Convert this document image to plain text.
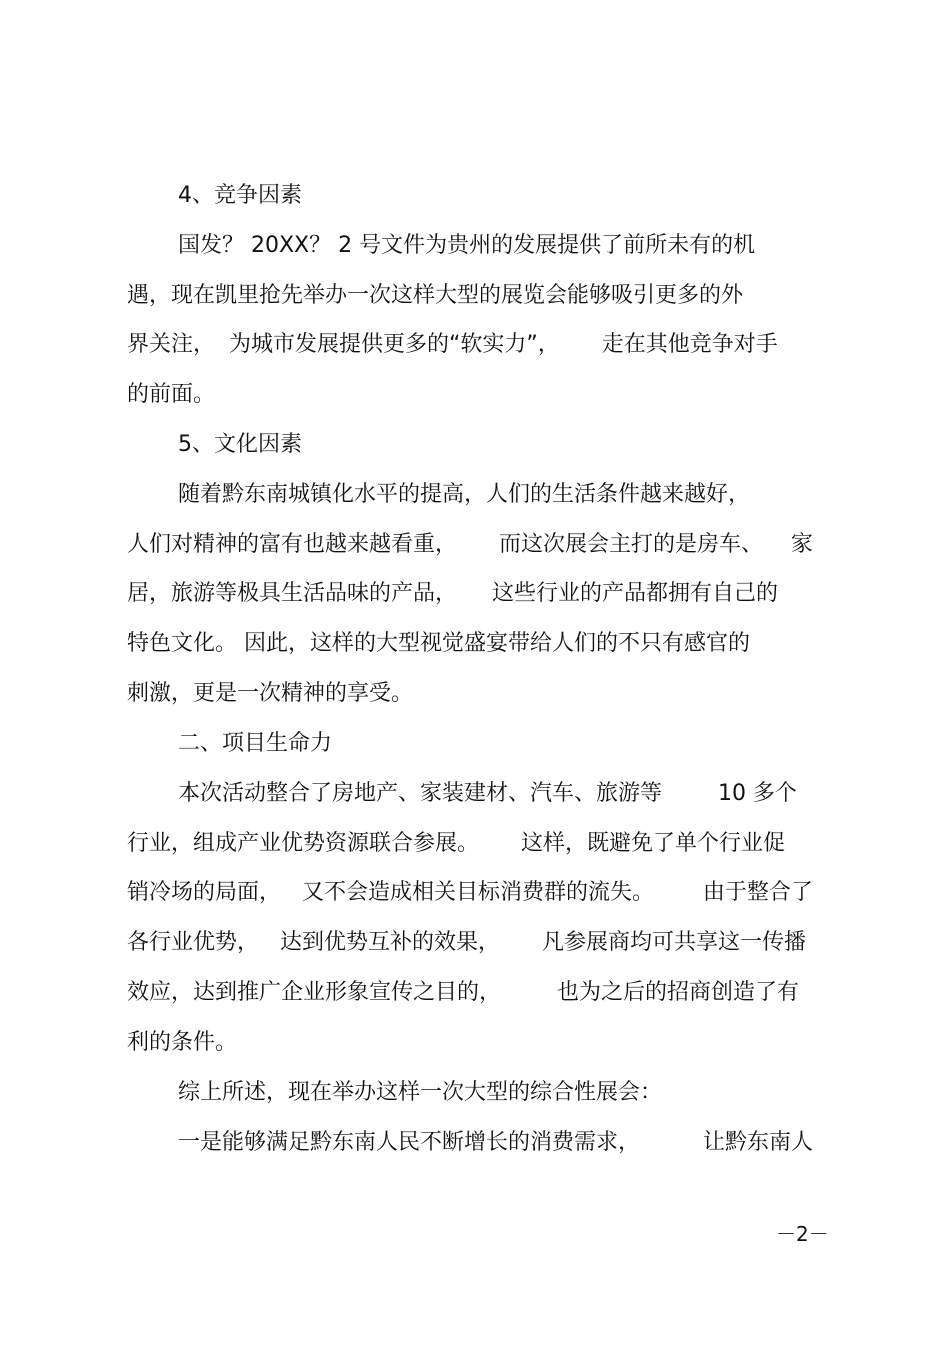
4、竞争因素
国发？ 20XX？ 2 号文件为贵州的发展提供了前所未有的机
遇，现在凯里抢先举办一次这样大型的展览会能够吸引更多的外
界关注，  为城市发展提供更多的“软实力”，      走在其他竞争对手
的前面。
5、文化因素
随着黔东南城镇化水平的提高，人们的生活条件越来越好，
人们对精神的富有也越来越看重，      而这次展会主打的是房车、    家
居，旅游等极具生活品味的产品，     这些行业的产品都拥有自己的
特色文化。 因此，这样的大型视觉盛宴带给人们的不只有感官的
刺激，更是一次精神的享受。
二、项目生命力
本次活动整合了房地产、家装建材、汽车、旅游等        10 多个
行业，组成产业优势资源联合参展。      这样，既避免了单个行业促
销冷场的局面，   又不会造成相关目标消费群的流失。       由于整合了
各行业优势，   达到优势互补的效果，      凡参展商均可共享这一传播
效应，达到推广企业形象宣传之目的，        也为之后的招商创造了有
利的条件。
综上所述，现在举办这样一次大型的综合性展会：
一是能够满足黔东南人民不断增长的消费需求，         让黔东南人
－2－
